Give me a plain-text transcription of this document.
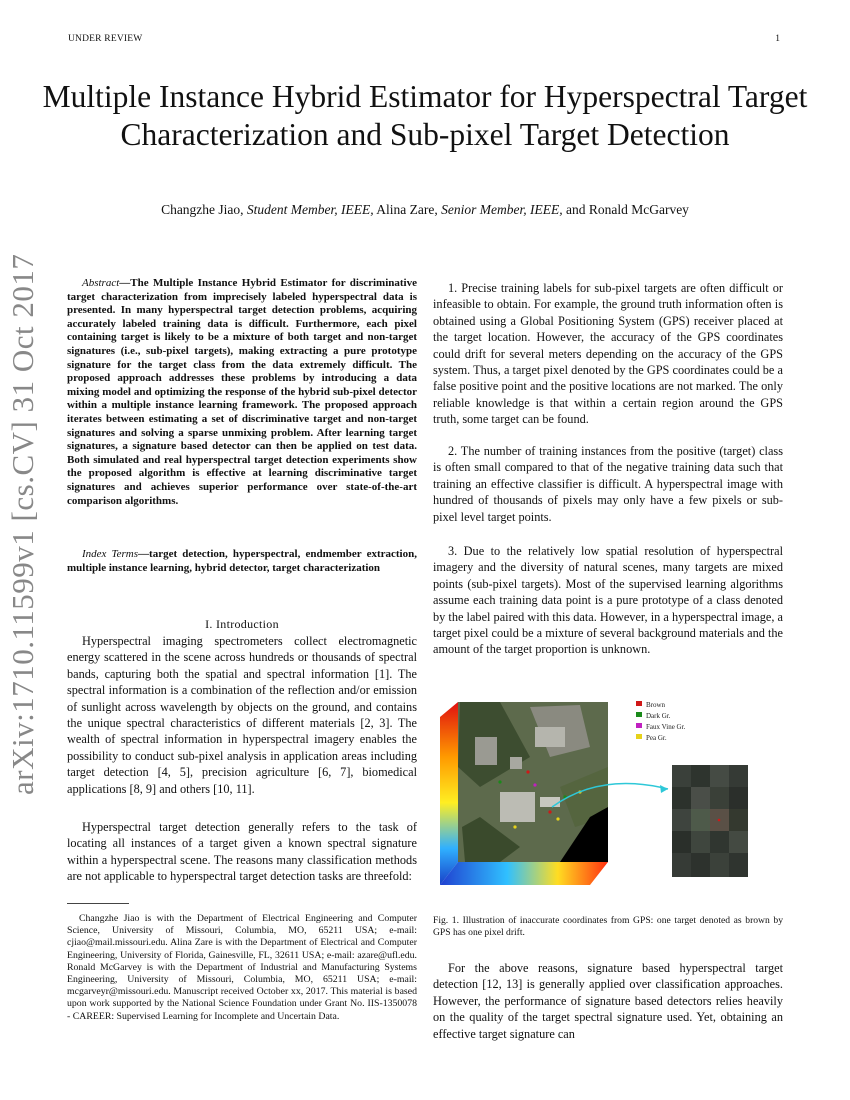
UNDER REVIEW	1
Multiple Instance Hybrid Estimator for Hyperspectral Target Characterization and Sub-pixel Target Detection
Changzhe Jiao, Student Member, IEEE, Alina Zare, Senior Member, IEEE, and Ronald McGarvey
arXiv:1710.11599v1 [cs.CV] 31 Oct 2017	Abstract—The Multiple Instance Hybrid Estimator for discriminative target characterization from imprecisely labeled hyperspectral data is presented. In many hyperspectral target detection problems, acquiring accurately labeled training data is difficult. Furthermore, each pixel containing target is likely to be a mixture of both target and non-target signatures (i.e., sub-pixel targets), making extracting a pure prototype signature for the target class from the data extremely difficult. The proposed approach addresses these problems by introducing a data mixing model and optimizing the response of the hybrid sub-pixel detector within a multiple instance learning framework. The proposed approach iterates between estimating a set of discriminative target and non-target signatures and solving a sparse unmixing problem. After learning target signatures, a signature based detector can then be applied on test data. Both simulated and real hyperspectral target detection experiments show the proposed algorithm is effective at learning discriminative target signatures and achieves superior performance over state-of-the-art comparison algorithms.

Index Terms—target detection, hyperspectral, endmember extraction, multiple instance learning, hybrid detector, target characterization

I. Introduction

Hyperspectral imaging spectrometers collect electromagnetic energy scattered in the scene across hundreds or thousands of spectral bands, capturing both the spatial and spectral information [1]. The spectral information is a combination of the reflection and/or emission of sunlight across wavelength by objects on the ground, and contains the unique spectral characteristics of different materials [2, 3]. The wealth of spectral information in hyperspectral imagery enables the possibility to conduct sub-pixel analysis in application areas including target detection [4, 5], precision agriculture [6, 7], biomedical applications [8, 9] and others [10, 11].

Hyperspectral target detection generally refers to the task of locating all instances of a target given a known spectral signature within a hyperspectral scene. The reasons many classification methods are not applicable to hyperspectral target detection tasks are threefold:

Changzhe Jiao is with the Department of Electrical Engineering and Computer Science, University of Missouri, Columbia, MO, 65211 USA; e-mail: cjiao@mail.missouri.edu. Alina Zare is with the Department of Electrical and Computer Engineering, University of Florida, Gainesville, FL, 32611 USA; e-mail: azare@ufl.edu. Ronald McGarvey is with the Department of Industrial and Manufacturing Systems Engineering, University of Missouri, Columbia, MO, 65211 USA; e-mail: mcgarveyr@missouri.edu. Manuscript received October xx, 2017. This material is based upon work supported by the National Science Foundation under Grant No. IIS-1350078 - CAREER: Supervised Learning for Incomplete and Uncertain Data.

1. Precise training labels for sub-pixel targets are often difficult or infeasible to obtain. For example, the ground truth information often is obtained using a Global Positioning System (GPS) receiver placed at the target location. However, the accuracy of the GPS coordinates could drift for several meters depending on the accuracy of the GPS system. Thus, a target pixel denoted by the GPS coordinates could be a false positive point and the positive locations are not marked. The only reliable knowledge is that within a certain region around the GPS truth, some target can be found.

2. The number of training instances from the positive (target) class is often small compared to that of the negative training data such that training an effective classifier is difficult. A hyperspectral image with hundred of thousands of pixels may only have a few pixels or sub-pixel level target points.

3. Due to the relatively low spatial resolution of hyperspectral imagery and the diversity of natural scenes, many targets are mixed points (sub-pixel targets). Most of the supervised learning algorithms assume each training data point is a pure prototype of a class denoted by the label paired with this data. However, in a hyperspectral image, a target pixel could be a mixture of several background materials and the amount of the target proportion is unknown.

Brown
Dark Gr.
Faux Vine Gr.
Pea Gr.
Fig. 1. Illustration of inaccurate coordinates from GPS: one target denoted as brown by GPS has one pixel drift.

For the above reasons, signature based hyperspectral target detection [12, 13] is generally applied over classification approaches. However, the performance of signature based detectors relies heavily on the quality of the target spectral signature used. Yet, obtaining an effective target signature can
